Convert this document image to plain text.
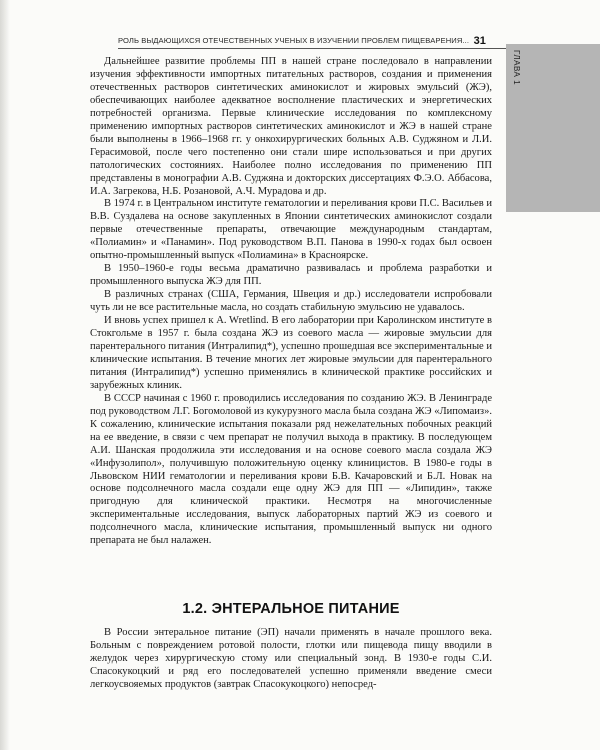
РОЛЬ ВЫДАЮЩИХСЯ ОТЕЧЕСТВЕННЫХ УЧЕНЫХ В ИЗУЧЕНИИ ПРОБЛЕМ ПИЩЕВАРЕНИЯ... 31
ГЛАВА 1

Дальнейшее развитие проблемы ПП в нашей стране последовало в направлении изучения эффективности импортных питательных растворов, создания и применения отечественных растворов синтетических аминокислот и жировых эмульсий (ЖЭ), обеспечивающих наиболее адекватное восполнение пластических и энергетических потребностей организма. Первые клинические исследования по комплексному применению импортных растворов синтетических аминокислот и ЖЭ в нашей стране были выполнены в 1966–1968 гг. у онкохирургических больных А.В. Суджяном и Л.И. Герасимовой, после чего постепенно они стали шире использоваться и при других патологических состояниях. Наиболее полно исследования по применению ПП представлены в монографии А.В. Суджяна и докторских диссертациях Ф.Э.О. Аббасова, И.А. Загрекова, Н.Б. Розановой, А.Ч. Мурадова и др.

В 1974 г. в Центральном институте гематологии и переливания крови П.С. Васильев и В.В. Суздалева на основе закупленных в Японии синтетических аминокислот создали первые отечественные препараты, отвечающие международным стандартам, «Полиамин» и «Панамин». Под руководством В.П. Панова в 1990-х годах был освоен опытно-промышленный выпуск «Полиамина» в Красноярске.

В 1950–1960-е годы весьма драматично развивалась и проблема разработки и промышленного выпуска ЖЭ для ПП.

В различных странах (США, Германия, Швеция и др.) исследователи испробовали чуть ли не все растительные масла, но создать стабильную эмульсию не удавалось.

И вновь успех пришел к A. Wretlind. В его лаборатории при Каролинском институте в Стокгольме в 1957 г. была создана ЖЭ из соевого масла — жировые эмульсии для парентерального питания (Интралипид*), успешно прошедшая все экспериментальные и клинические испытания. В течение многих лет жировые эмульсии для парентерального питания (Интралипид*) успешно применялись в клинической практике российских и зарубежных клиник.

В СССР начиная с 1960 г. проводились исследования по созданию ЖЭ. В Ленинграде под руководством Л.Г. Богомоловой из кукурузного масла была создана ЖЭ «Липомаиз». К сожалению, клинические испытания показали ряд нежелательных побочных реакций на ее введение, в связи с чем препарат не получил выхода в практику. В последующем А.И. Шанская продолжила эти исследования и на основе соевого масла создала ЖЭ «Инфузолипол», получившую положительную оценку клиницистов. В 1980-е годы в Львовском НИИ гематологии и переливания крови Б.В. Качаровский и Б.Л. Новак на основе подсолнечного масла создали еще одну ЖЭ для ПП — «Липидин», также пригодную для клинической практики. Несмотря на многочисленные экспериментальные исследования, выпуск лабораторных партий ЖЭ из соевого и подсолнечного масла, клинические испытания, промышленный выпуск ни одного препарата не был налажен.

1.2. ЭНТЕРАЛЬНОЕ ПИТАНИЕ

В России энтеральное питание (ЭП) начали применять в начале прошлого века. Больным с повреждением ротовой полости, глотки или пищевода пищу вводили в желудок через хирургическую стому или специальный зонд. В 1930-е годы С.И. Спасокукоцкий и ряд его последователей успешно применяли введение смеси легкоусвояемых продуктов (завтрак Спасокукоцкого) непосред-
